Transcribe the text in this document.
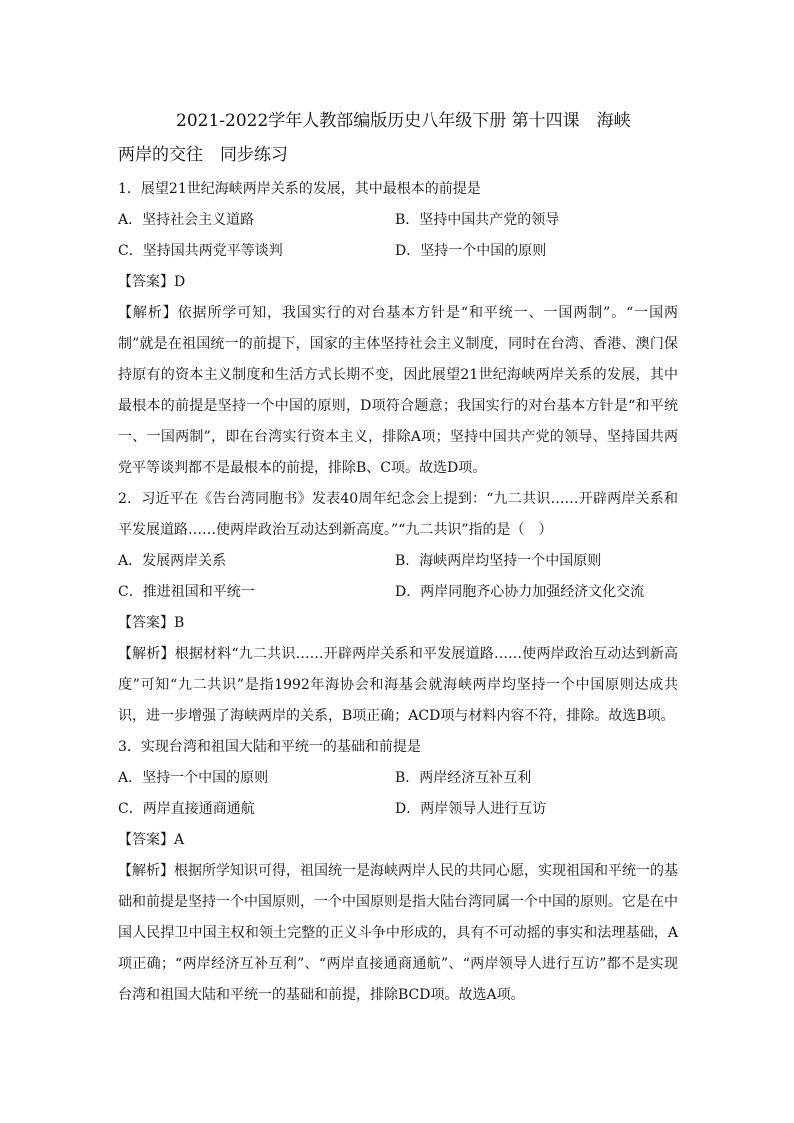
2021-2022学年人教部编版历史八年级下册 第十四课　海峡
两岸的交往　同步练习

1．展望21世纪海峡两岸关系的发展，其中最根本的前提是

A．坚持社会主义道路	B．坚持中国共产党的领导

C．坚持国共两党平等谈判	D．坚持一个中国的原则

【答案】D

【解析】依据所学可知，我国实行的对台基本方针是“和平统一、一国两制”。“一国两制”就是在祖国统一的前提下，国家的主体坚持社会主义制度，同时在台湾、香港、澳门保持原有的资本主义制度和生活方式长期不变，因此展望21世纪海峡两岸关系的发展，其中最根本的前提是坚持一个中国的原则，D项符合题意；我国实行的对台基本方针是“和平统一、一国两制”，即在台湾实行资本主义，排除A项；坚持中国共产党的领导、坚持国共两党平等谈判都不是最根本的前提，排除B、C项。故选D项。

2．习近平在《告台湾同胞书》发表40周年纪念会上提到：“九二共识……开辟两岸关系和平发展道路……使两岸政治互动达到新高度。”“九二共识”指的是（　）

A．发展两岸关系	B．海峡两岸均坚持一个中国原则

C．推进祖国和平统一	D．两岸同胞齐心协力加强经济文化交流

【答案】B

【解析】根据材料“九二共识……开辟两岸关系和平发展道路……使两岸政治互动达到新高度”可知“九二共识”是指1992年海协会和海基会就海峡两岸均坚持一个中国原则达成共识，进一步增强了海峡两岸的关系，B项正确；ACD项与材料内容不符，排除。故选B项。

3．实现台湾和祖国大陆和平统一的基础和前提是

A．坚持一个中国的原则	B．两岸经济互补互利

C．两岸直接通商通航	D．两岸领导人进行互访

【答案】A

【解析】根据所学知识可得，祖国统一是海峡两岸人民的共同心愿，实现祖国和平统一的基础和前提是坚持一个中国原则，一个中国原则是指大陆台湾同属一个中国的原则。它是在中国人民捍卫中国主权和领土完整的正义斗争中形成的，具有不可动摇的事实和法理基础，A项正确；“两岸经济互补互利”、“两岸直接通商通航”、“两岸领导人进行互访”都不是实现台湾和祖国大陆和平统一的基础和前提，排除BCD项。故选A项。
